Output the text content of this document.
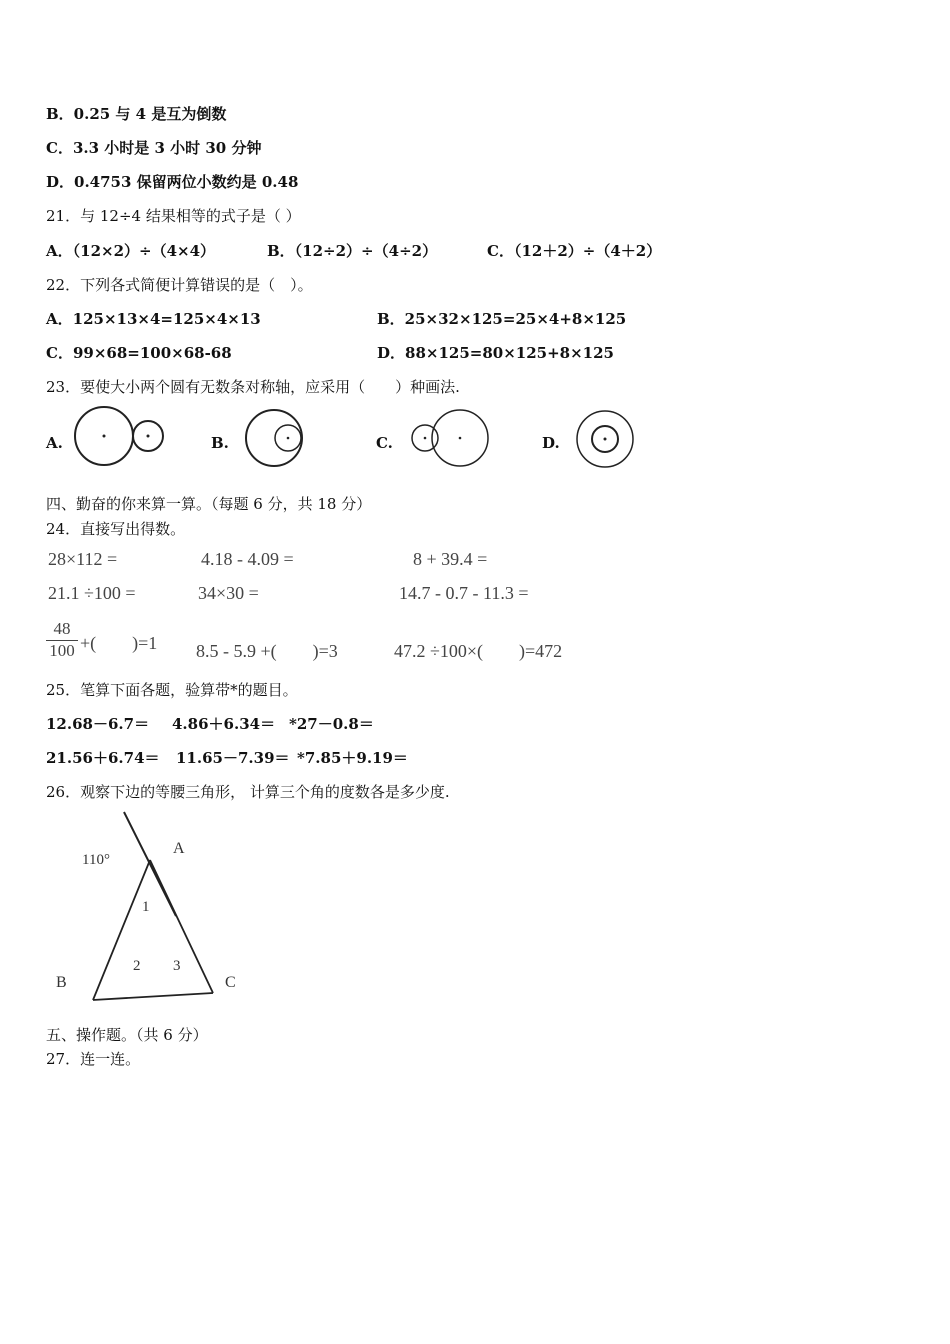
B．0.25 与 4 是互为倒数
C．3.3 小时是 3 小时 30 分钟
D．0.4753 保留两位小数约是 0.48
21．与 12÷4 结果相等的式子是（ ）
A．（12×2）÷（4×4）	B．（12÷2）÷（4÷2）	C．（12＋2）÷（4＋2）
22．下列各式简便计算错误的是（　）。
A．125×13×4=125×4×13	B．25×32×125=25×4+8×125
C．99×68=100×68-68	D．88×125=80×125+8×125
23．要使大小两个圆有无数条对称轴，应采用（　　）种画法.
A.	B.	C.	D.
四、勤奋的你来算一算。（每题 6 分，共 18 分）
24．直接写出得数。
28×112 =	4.18 - 4.09 =	8 + 39.4 =
21.1 ÷100 =	34×30 =	14.7 - 0.7 - 11.3 =
$\frac{48}{100}$ +(　　)=1 8.5 - 5.9 +(　　)=3	47.2 ÷100×(　　)=472
25．笔算下面各题，验算带*的题目。
12.68－6.7＝ 4.86＋6.34＝ *27－0.8＝
21.56＋6.74＝ 11.65－7.39＝ *7.85＋9.19＝
26．观察下边的等腰三角形， 计算三个角的度数各是多少度.
110°
A
B	C
1
2 3
五、操作题。（共 6 分）
27．连一连。
